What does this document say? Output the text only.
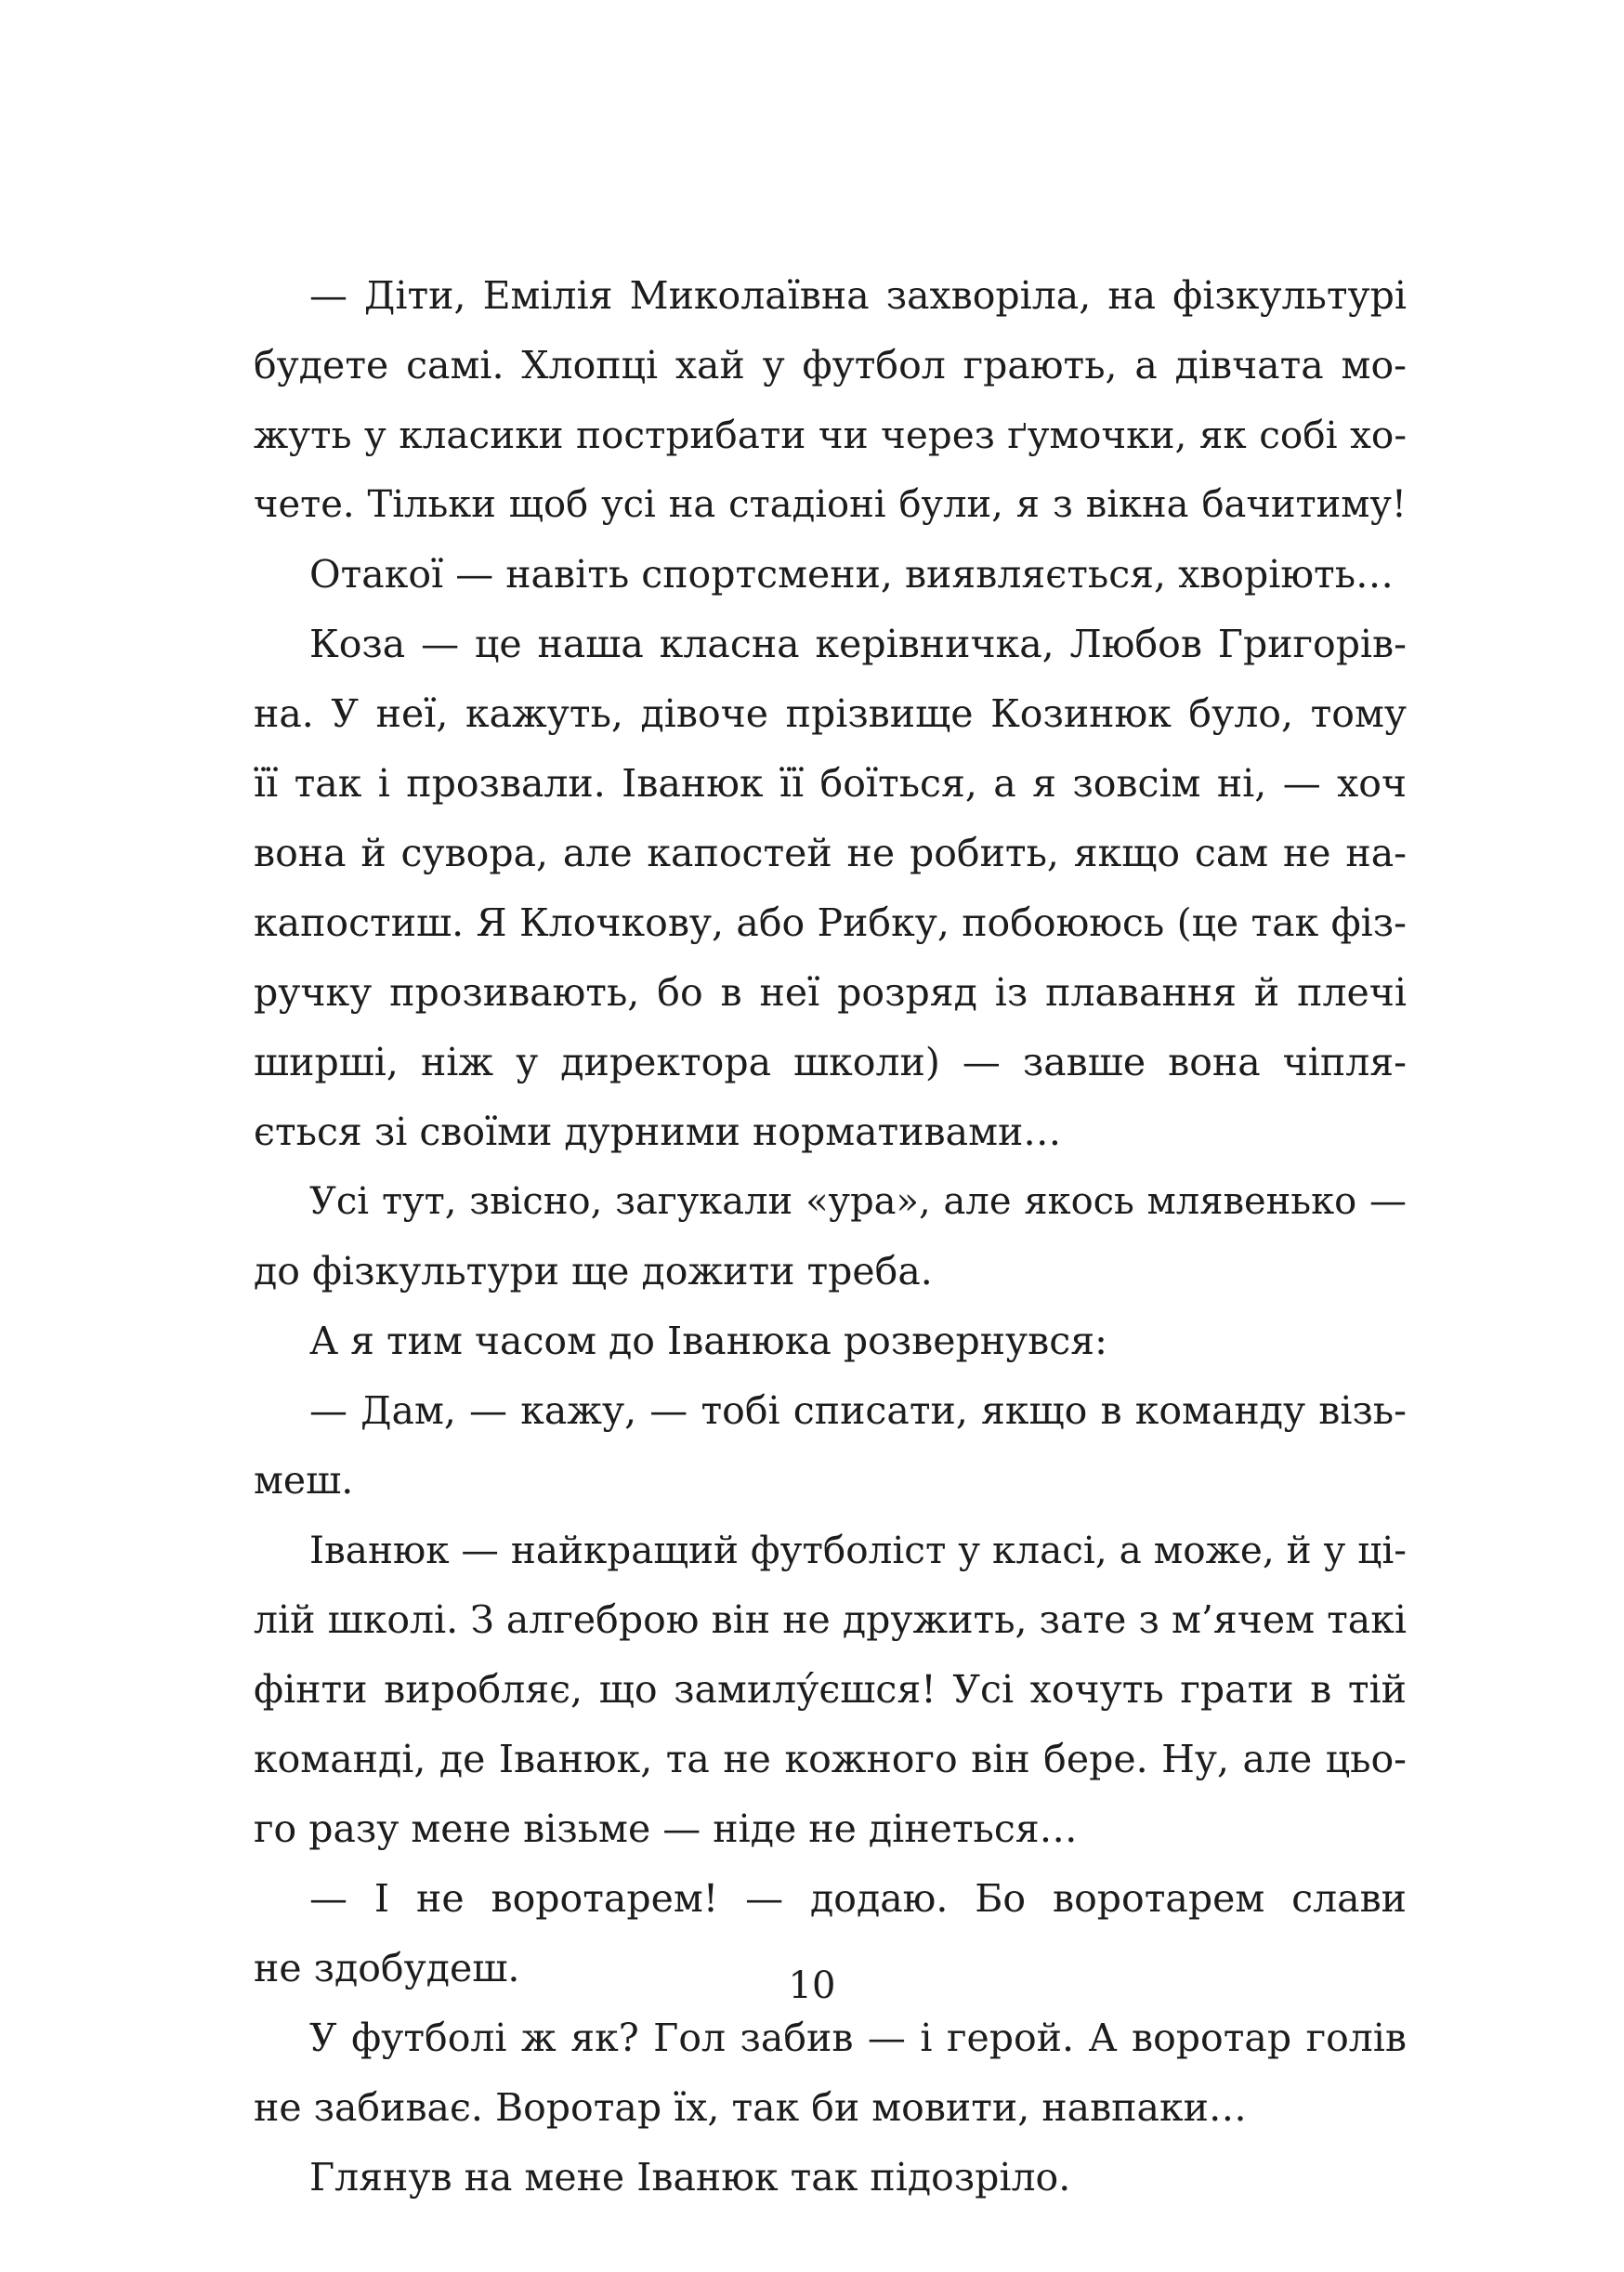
— Діти, Емілія Миколаївна захворіла, на фізкультурі
будете самі. Хлопці хай у футбол грають, а дівчата мо-
жуть у класики пострибати чи через ґумочки, як собі хо-
чете. Тільки щоб усі на стадіоні були, я з вікна бачитиму!
Отакої — навіть спортсмени, виявляється, хворіють…
Коза — це наша класна керівничка, Любов Григорів-
на. У неї, кажуть, дівоче прізвище Козинюк було, тому
її так і прозвали. Іванюк її боїться, а я зовсім ні, — хоч
вона й сувора, але капостей не робить, якщо сам не на-
капостиш. Я Клочкову, або Рибку, побоююсь (це так фіз-
ручку прозивають, бо в неї розряд із плавання й плечі
ширші, ніж у директора школи) — завше вона чіпля-
ється зі своїми дурними нормативами…
Усі тут, звісно, загукали «ура», але якось млявенько —
до фізкультури ще дожити треба.
А я тим часом до Іванюка розвернувся:
— Дам, — кажу, — тобі списати, якщо в команду візь-
меш.
Іванюк — найкращий футболіст у класі, а може, й у ці-
лій школі. З алгеброю він не дружить, зате з м’ячем такі
фінти виробляє, що замилу́єшся! Усі хочуть грати в тій
команді, де Іванюк, та не кожного він бере. Ну, але цьо-
го разу мене візьме — ніде не дінеться…
— І не воротарем! — додаю. Бо воротарем слави
не здобудеш.
У футболі ж як? Гол забив — і герой. А воротар голів
не забиває. Воротар їх, так би мовити, навпаки…
Глянув на мене Іванюк так підозріло.
10
